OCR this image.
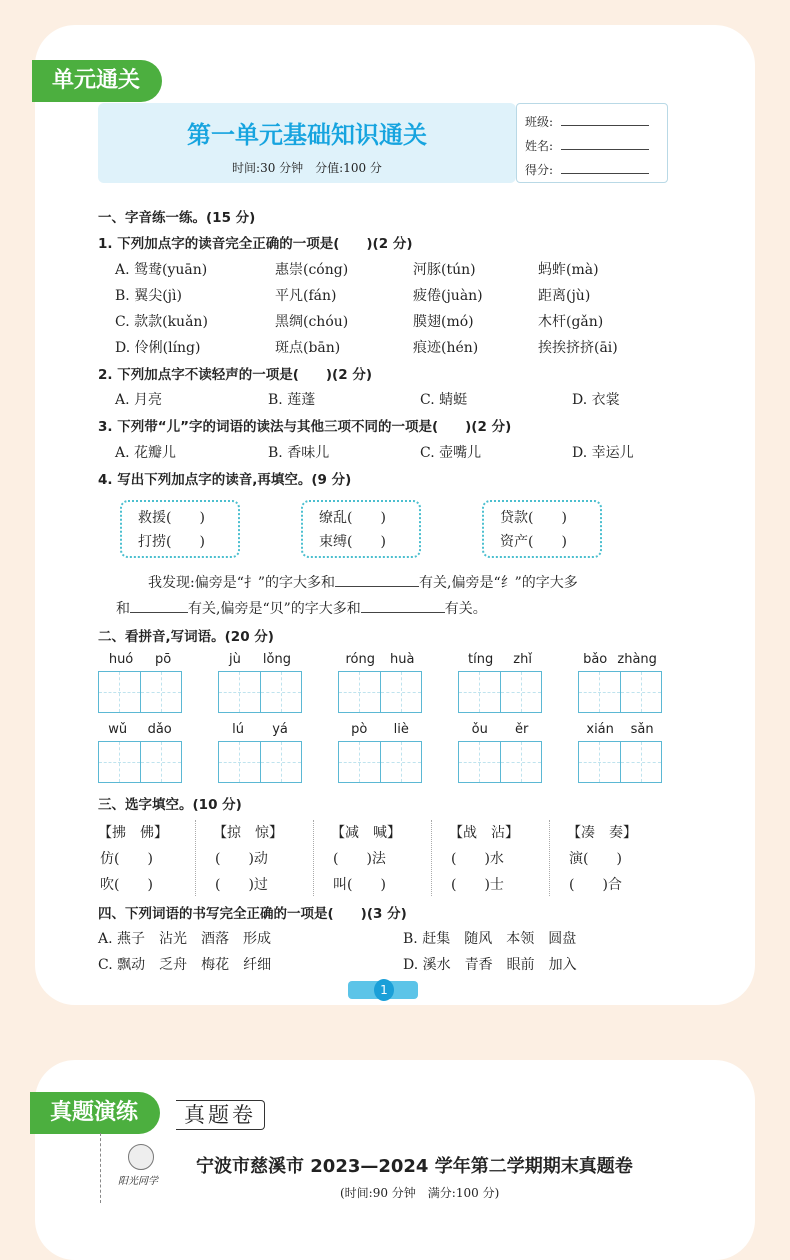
单元通关
第一单元基础知识通关
时间:30 分钟　分值:100 分
班级:
姓名:
得分:
一、字音练一练。(15 分)
1. 下列加点字的读音完全正确的一项是(　　)(2 分)
A. 鸳鸯(yuān)	惠崇(cóng)	河豚(tún)	蚂蚱(mà)
B. 翼尖(jì)	平凡(fán)	疲倦(juàn)	距离(jù)
C. 款款(kuǎn)	黑绸(chóu)	膜翅(mó)	木杆(gǎn)
D. 伶俐(líng)	斑点(bān)	痕迹(hén)	挨挨挤挤(āi)
2. 下列加点字不读轻声的一项是(　　)(2 分)
A. 月亮	B. 莲蓬	C. 蜻蜓	D. 衣裳
3. 下列带“儿”字的词语的读法与其他三项不同的一项是(　　)(2 分)
A. 花瓣儿	B. 香味儿	C. 壶嘴儿	D. 幸运儿
4. 写出下列加点字的读音,再填空。(9 分)
救援(　　)
打捞(　　)
缭乱(　　)
束缚(　　)
贷款(　　)
资产(　　)
我发现:偏旁是“扌”的字大多和	有关,偏旁是“纟”的字大多
和	有关,偏旁是“贝”的字大多和	有关。
二、看拼音,写词语。(20 分)
huó pō	jù lǒng	róng huà	tíng zhǐ	bǎo zhàng
wǔ dǎo	lú yá	pò liè	ǒu ěr	xián sǎn
三、选字填空。(10 分)
【拂　佛】
仿(　　)
吹(　　)
【掠　惊】
(　　)动
(　　)过
【减　喊】
(　　)法
叫(　　)
【战　沾】
(　　)水
(　　)士
【凑　奏】
演(　　)
(　　)合
四、下列词语的书写完全正确的一项是(　　)(3 分)
A. 燕子　沾光　酒落　形成	B. 赶集　随风　本领　圆盘
C. 飘动　乏舟　梅花　纤细	D. 溪水　青香　眼前　加入
1
真题演练	真题卷
阳光同学
宁波市慈溪市 2023—2024 学年第二学期期末真题卷
(时间:90 分钟　满分:100 分)
